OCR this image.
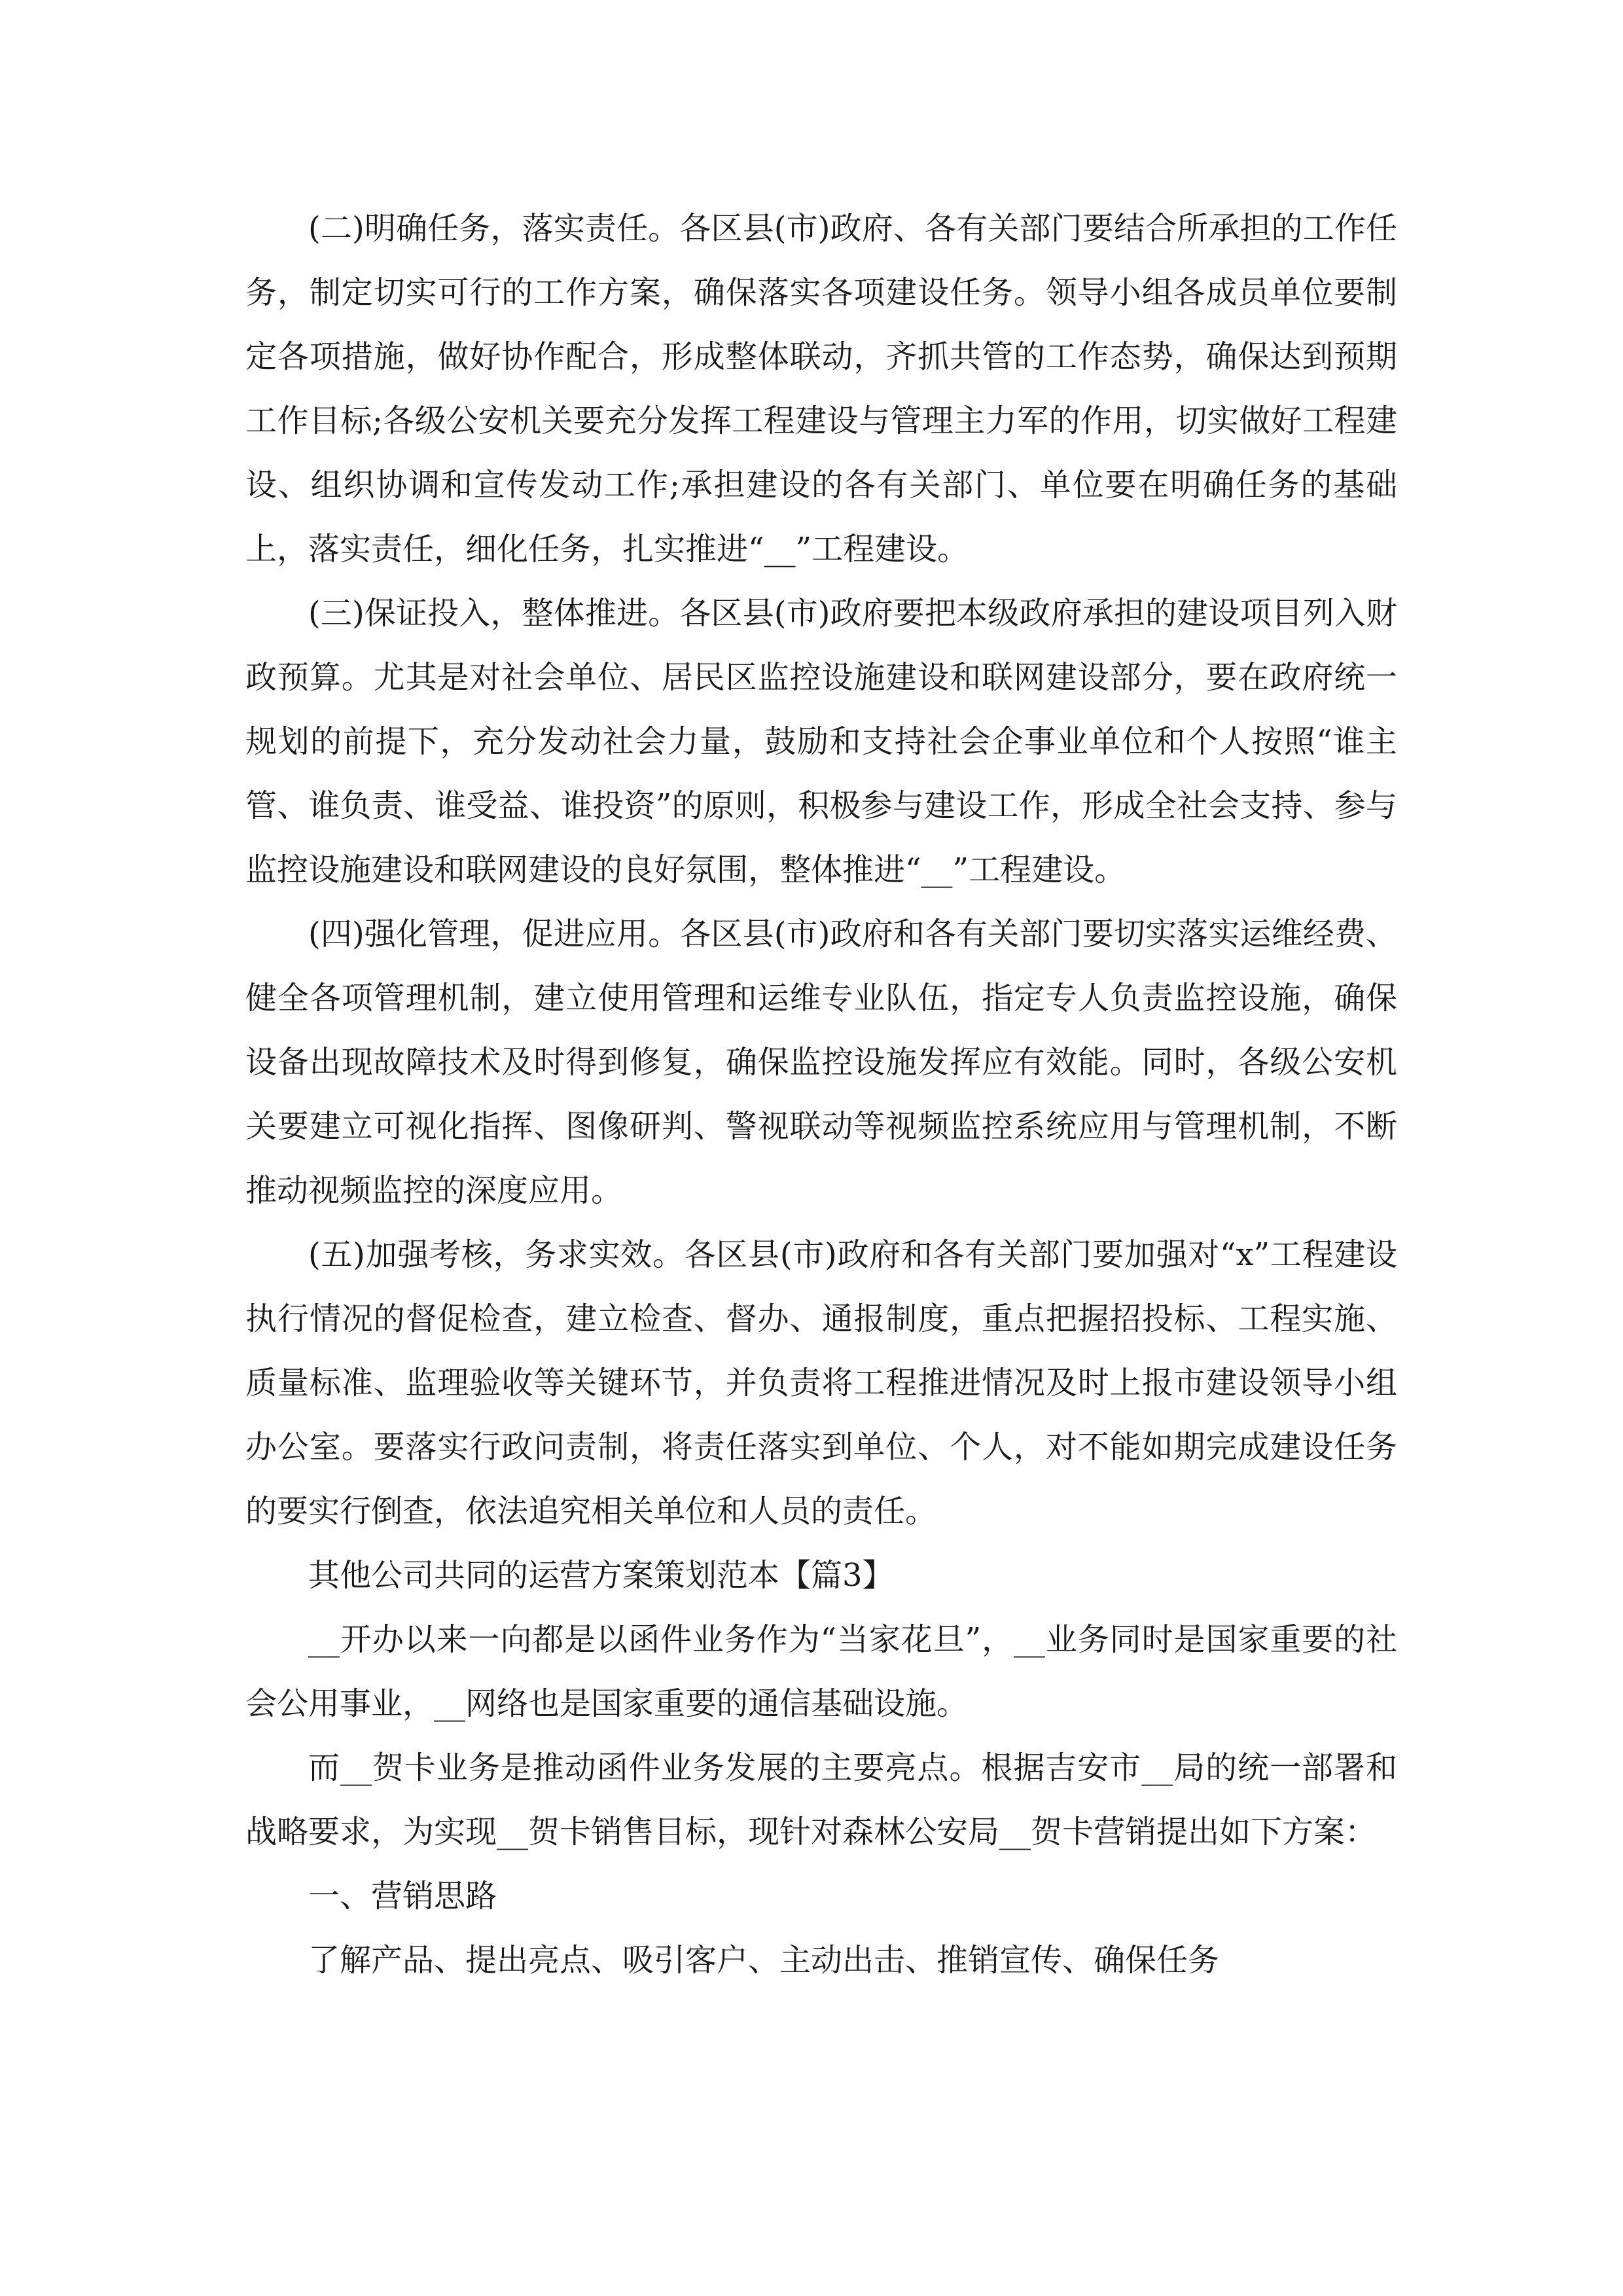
(二)明确任务，落实责任。各区县(市)政府、各有关部门要结合所承担的工作任务，制定切实可行的工作方案，确保落实各项建设任务。领导小组各成员单位要制定各项措施，做好协作配合，形成整体联动，齐抓共管的工作态势，确保达到预期工作目标;各级公安机关要充分发挥工程建设与管理主力军的作用，切实做好工程建设、组织协调和宣传发动工作;承担建设的各有关部门、单位要在明确任务的基础上，落实责任，细化任务，扎实推进“__”工程建设。

(三)保证投入，整体推进。各区县(市)政府要把本级政府承担的建设项目列入财政预算。尤其是对社会单位、居民区监控设施建设和联网建设部分，要在政府统一规划的前提下，充分发动社会力量，鼓励和支持社会企事业单位和个人按照“谁主管、谁负责、谁受益、谁投资”的原则，积极参与建设工作，形成全社会支持、参与监控设施建设和联网建设的良好氛围，整体推进“__”工程建设。

(四)强化管理，促进应用。各区县(市)政府和各有关部门要切实落实运维经费、健全各项管理机制，建立使用管理和运维专业队伍，指定专人负责监控设施，确保设备出现故障技术及时得到修复，确保监控设施发挥应有效能。同时，各级公安机关要建立可视化指挥、图像研判、警视联动等视频监控系统应用与管理机制，不断推动视频监控的深度应用。

(五)加强考核，务求实效。各区县(市)政府和各有关部门要加强对“x”工程建设执行情况的督促检查，建立检查、督办、通报制度，重点把握招投标、工程实施、质量标准、监理验收等关键环节，并负责将工程推进情况及时上报市建设领导小组办公室。要落实行政问责制，将责任落实到单位、个人，对不能如期完成建设任务的要实行倒查，依法追究相关单位和人员的责任。

其他公司共同的运营方案策划范本【篇3】

__开办以来一向都是以函件业务作为“当家花旦”，__业务同时是国家重要的社会公用事业，__网络也是国家重要的通信基础设施。

而__贺卡业务是推动函件业务发展的主要亮点。根据吉安市__局的统一部署和战略要求，为实现__贺卡销售目标，现针对森林公安局__贺卡营销提出如下方案：

一、营销思路

了解产品、提出亮点、吸引客户、主动出击、推销宣传、确保任务
